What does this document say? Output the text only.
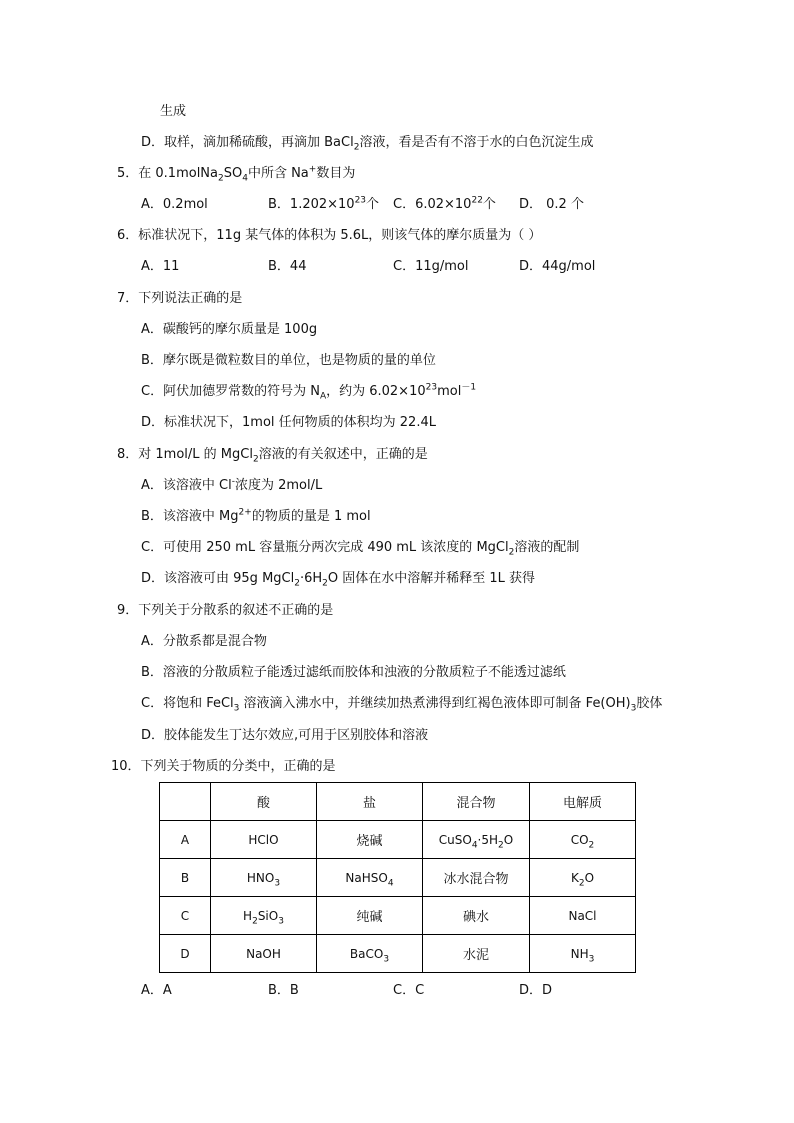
生成
D．取样，滴加稀硫酸，再滴加 BaCl$_2$溶液，看是否有不溶于水的白色沉淀生成
5．在 $0.1molNa_2SO_4$中所含 Na+数目为
A．0.2mol	B．$1.202\times 10^{23}$个 C．$6.02\times 10^{22}$个 D． 0.2 个
6．标准状况下，11g 某气体的体积为 5.6L，则该气体的摩尔质量为（ ）
A．11	B．44	C．11g/mol	D．44g/mol
7．下列说法正确的是
A．碳酸钙的摩尔质量是 100g
B．摩尔既是微粒数目的单位，也是物质的量的单位
C．阿伏加德罗常数的符号为 $N_A$，约为 $6.02\times 10^{23}mol^{-1}$
D．标准状况下，1mol 任何物质的体积均为 22.4L
8．对 1mol/L 的 MgCl$_2$溶液的有关叙述中，正确的是
A．该溶液中 Cl-浓度为 2mol/L
B．该溶液中 $Mg^{2+}$的物质的量是 1 mol
C．可使用 250 mL 容量瓶分两次完成 490 mL 该浓度的 MgCl$_2$溶液的配制
D．该溶液可由 95g $MgCl_2\cdot 6H_2O$ 固体在水中溶解并稀释至 1L 获得
9．下列关于分散系的叙述不正确的是
A．分散系都是混合物
B．溶液的分散质粒子能透过滤纸而胶体和浊液的分散质粒子不能透过滤纸
C．将饱和 FeCl$_3$ 溶液滴入沸水中，并继续加热煮沸得到红褐色液体即可制备 $Fe(OH)_3$胶体
D．胶体能发生丁达尔效应,可用于区别胶体和溶液
10．下列关于物质的分类中，正确的是
	酸	盐	混合物	电解质
A	HClO	烧碱	$CuSO_4\cdot 5H_2O$	$CO_2$
B	$HNO_3$	NaHSO$_4$	冰水混合物	$K_2O$
C	$H_2SiO_3$	纯碱	碘水	NaCl
D	NaOH	BaCO$_3$	水泥	$NH_3$
A．A	B．B	C．C	D．D
